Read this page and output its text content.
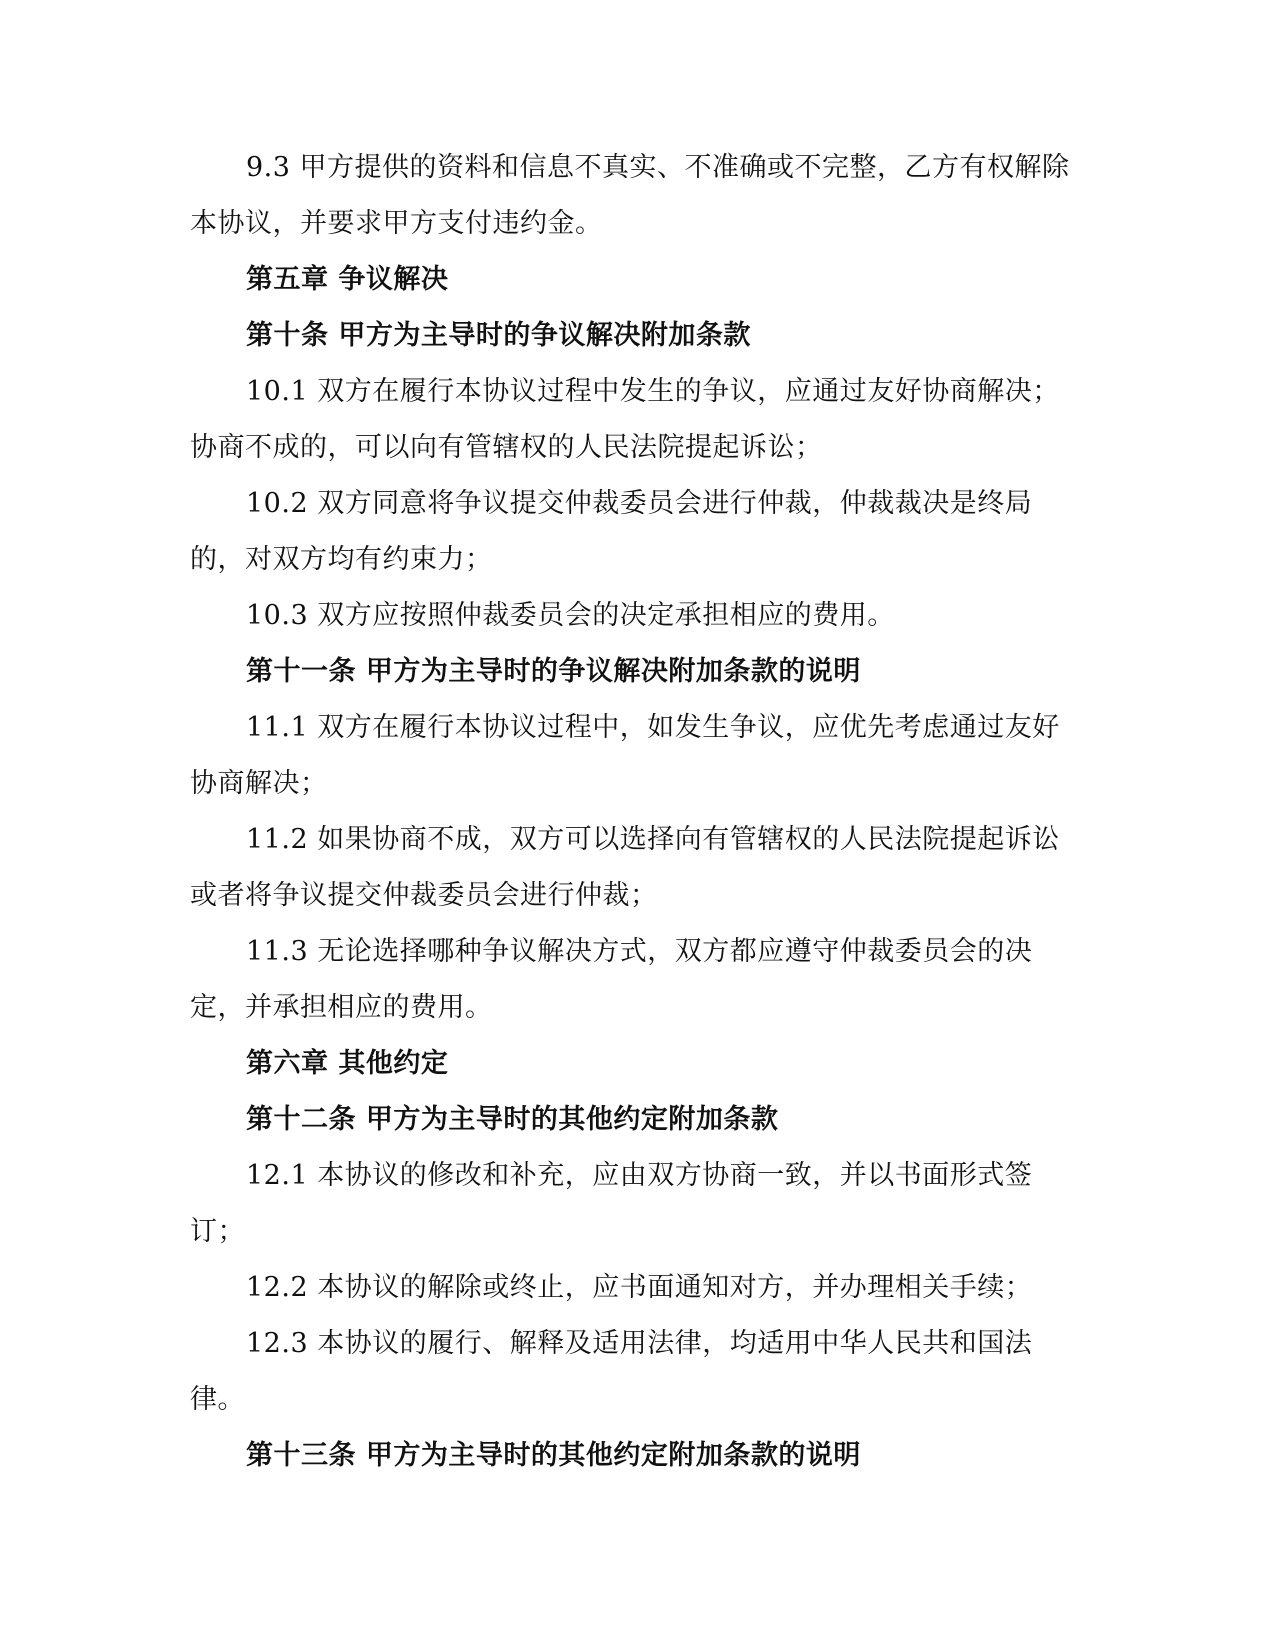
9.3 甲方提供的资料和信息不真实、不准确或不完整，乙方有权解除本协议，并要求甲方支付违约金。

第五章 争议解决

第十条 甲方为主导时的争议解决附加条款

10.1 双方在履行本协议过程中发生的争议，应通过友好协商解决；协商不成的，可以向有管辖权的人民法院提起诉讼；

10.2 双方同意将争议提交仲裁委员会进行仲裁，仲裁裁决是终局的，对双方均有约束力；

10.3 双方应按照仲裁委员会的决定承担相应的费用。

第十一条 甲方为主导时的争议解决附加条款的说明

11.1 双方在履行本协议过程中，如发生争议，应优先考虑通过友好协商解决；

11.2 如果协商不成，双方可以选择向有管辖权的人民法院提起诉讼或者将争议提交仲裁委员会进行仲裁；

11.3 无论选择哪种争议解决方式，双方都应遵守仲裁委员会的决定，并承担相应的费用。

第六章 其他约定

第十二条 甲方为主导时的其他约定附加条款

12.1 本协议的修改和补充，应由双方协商一致，并以书面形式签订；

12.2 本协议的解除或终止，应书面通知对方，并办理相关手续；

12.3 本协议的履行、解释及适用法律，均适用中华人民共和国法律。

第十三条 甲方为主导时的其他约定附加条款的说明
